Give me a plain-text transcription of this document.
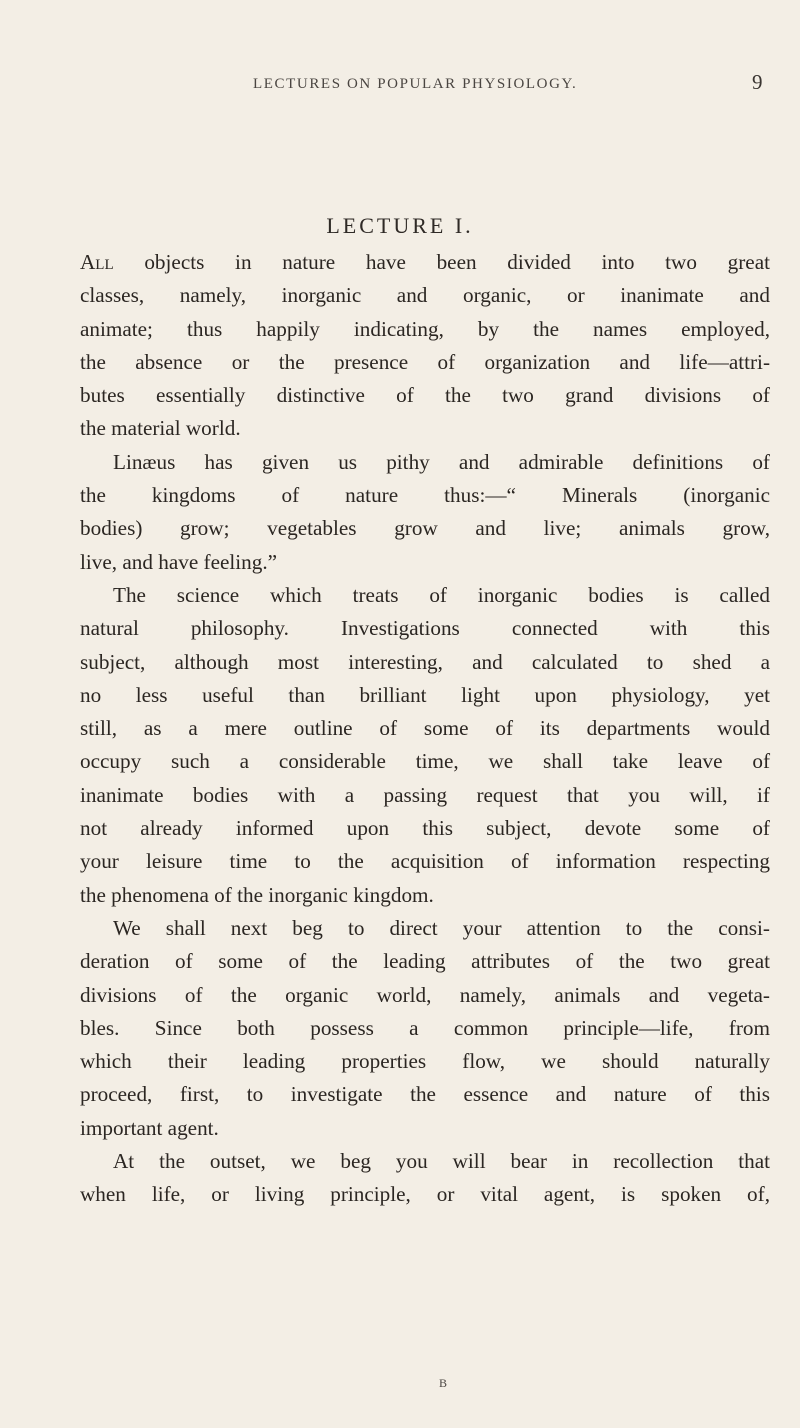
LECTURES ON POPULAR PHYSIOLOGY.	9
LECTURE I.

All objects in nature have been divided into two great
classes, namely, inorganic and organic, or inanimate and
animate; thus happily indicating, by the names employed,
the absence or the presence of organization and life—attri-
butes essentially distinctive of the two grand divisions of
the material world.

Linæus has given us pithy and admirable definitions of
the kingdoms of nature thus:—“ Minerals (inorganic
bodies) grow; vegetables grow and live; animals grow,
live, and have feeling.”

The science which treats of inorganic bodies is called
natural philosophy. Investigations connected with this
subject, although most interesting, and calculated to shed a
no less useful than brilliant light upon physiology, yet
still, as a mere outline of some of its departments would
occupy such a considerable time, we shall take leave of
inanimate bodies with a passing request that you will, if
not already informed upon this subject, devote some of
your leisure time to the acquisition of information respecting
the phenomena of the inorganic kingdom.

We shall next beg to direct your attention to the consi-
deration of some of the leading attributes of the two great
divisions of the organic world, namely, animals and vegeta-
bles. Since both possess a common principle—life, from
which their leading properties flow, we should naturally
proceed, first, to investigate the essence and nature of this
important agent.

At the outset, we beg you will bear in recollection that
when life, or living principle, or vital agent, is spoken of,

B
